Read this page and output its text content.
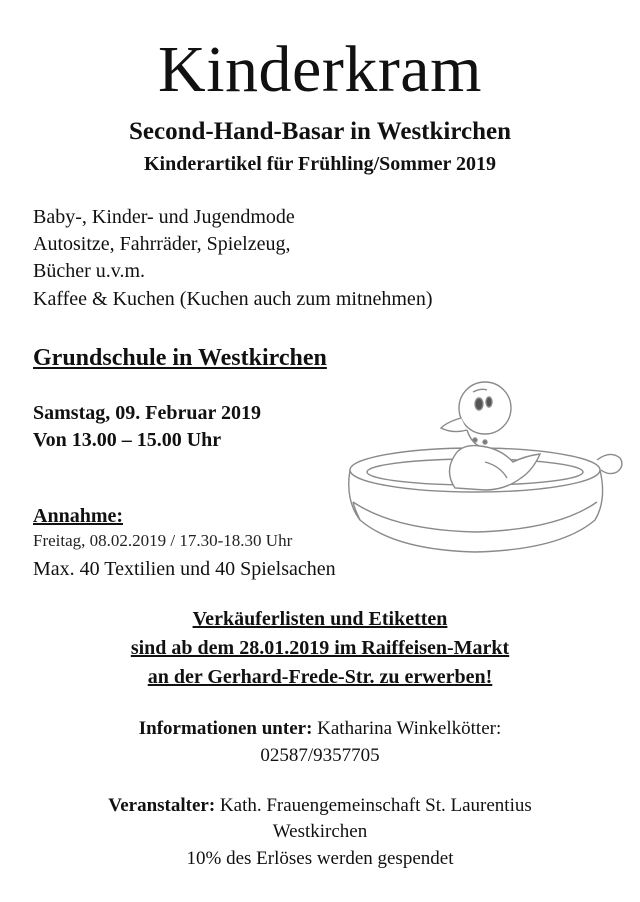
Kinderkram
Second-Hand-Basar in Westkirchen
Kinderartikel für Frühling/Sommer 2019
Baby-, Kinder- und Jugendmode
Autositze, Fahrräder, Spielzeug,
Bücher u.v.m.
Kaffee & Kuchen (Kuchen auch zum mitnehmen)
Grundschule in Westkirchen
Samstag, 09. Februar 2019
Von 13.00 – 15.00 Uhr
Annahme:
Freitag, 08.02.2019 / 17.30-18.30 Uhr
Max. 40 Textilien und 40 Spielsachen
Verkäuferlisten und Etiketten
sind ab dem 28.01.2019 im Raiffeisen-Markt
an der Gerhard-Frede-Str. zu erwerben!
Informationen unter: Katharina Winkelkötter:
02587/9357705
Veranstalter: Kath. Frauengemeinschaft St. Laurentius
Westkirchen
10% des Erlöses werden gespendet
